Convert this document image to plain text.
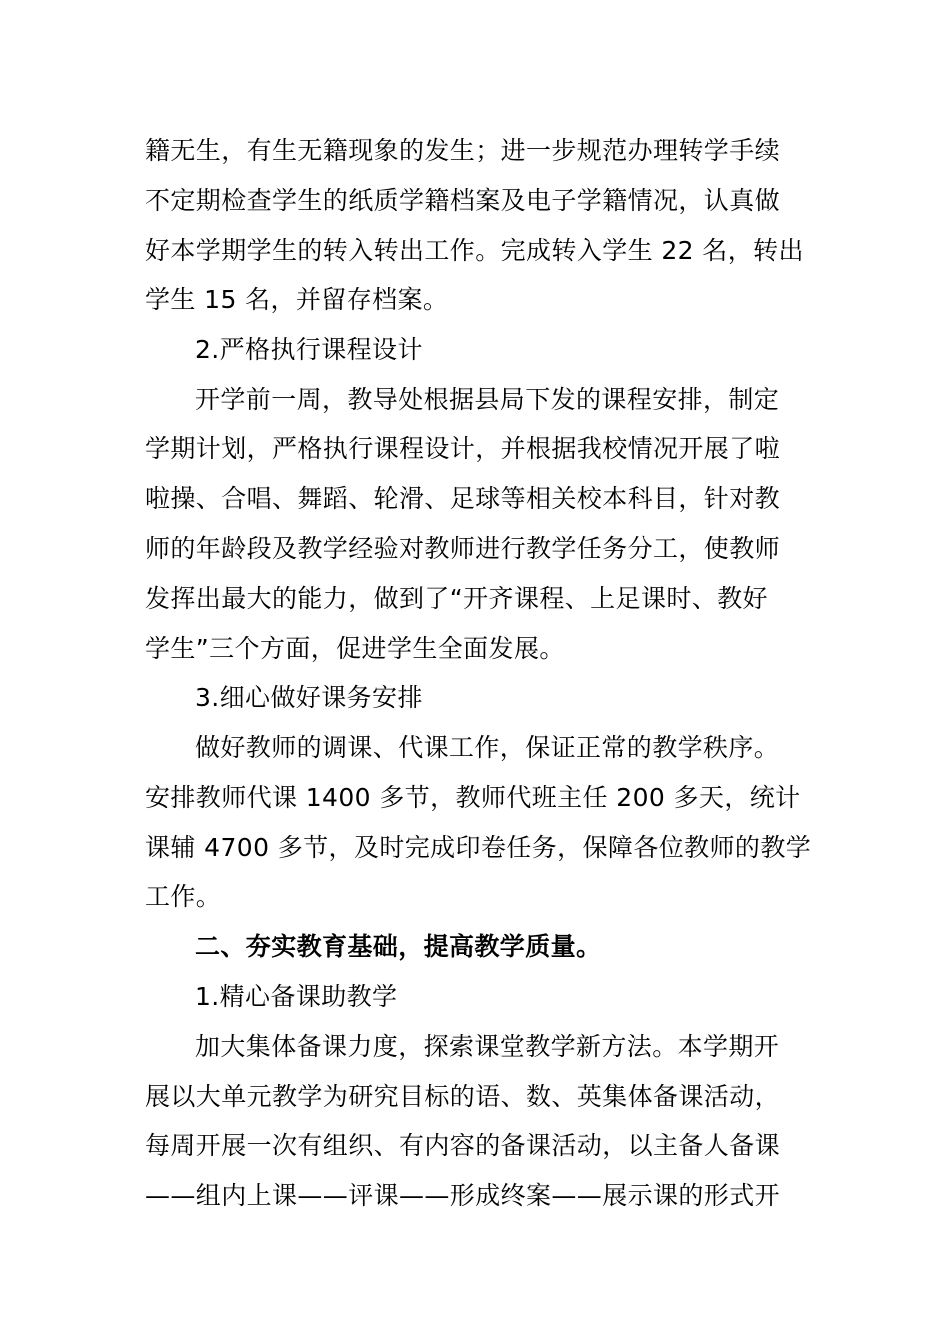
籍无生，有生无籍现象的发生；进一步规范办理转学手续
不定期检查学生的纸质学籍档案及电子学籍情况，认真做
好本学期学生的转入转出工作。完成转入学生 22 名，转出
学生 15 名，并留存档案。
2.严格执行课程设计
开学前一周，教导处根据县局下发的课程安排，制定
学期计划，严格执行课程设计，并根据我校情况开展了啦
啦操、合唱、舞蹈、轮滑、足球等相关校本科目，针对教
师的年龄段及教学经验对教师进行教学任务分工，使教师
发挥出最大的能力，做到了“开齐课程、上足课时、教好
学生”三个方面，促进学生全面发展。
3.细心做好课务安排
做好教师的调课、代课工作，保证正常的教学秩序。
安排教师代课 1400 多节，教师代班主任 200 多天，统计
课辅 4700 多节，及时完成印卷任务，保障各位教师的教学
工作。
二、夯实教育基础，提高教学质量。
1.精心备课助教学
加大集体备课力度，探索课堂教学新方法。本学期开
展以大单元教学为研究目标的语、数、英集体备课活动，
每周开展一次有组织、有内容的备课活动，以主备人备课
——组内上课——评课——形成终案——展示课的形式开
